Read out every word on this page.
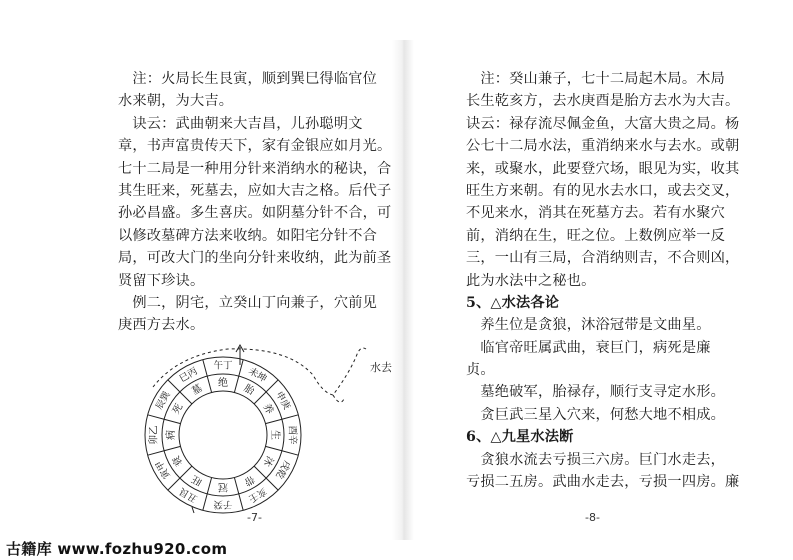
　注：火局长生艮寅，顺到巽巳得临官位
水来朝，为大吉。
　诀云：武曲朝来大吉昌，儿孙聪明文
章，书声富贵传天下，家有金银应如月光。
七十二局是一种用分针来消纳水的秘诀，合
其生旺来，死墓去，应如大吉之格。后代子
孙必昌盛。多生喜庆。如阴墓分针不合，可
以修改墓碑方法来收纳。如阳宅分针不合
局，可改大门的坐向分针来收纳，此为前圣
贤留下珍诀。
　例二，阴宅，立癸山丁向兼子，穴前见
庚西方去水。
子癸
丑艮
寅甲
卯乙
辰巽
巳丙 午丁 未坤
申庚
酉辛
戌乾
亥壬
冠
旺
衰
病
死
墓 绝 胎
养
生
沐
带
水去
-7-
　注：癸山兼子，七十二局起木局。木局
长生乾亥方，去水庚酉是胎方去水为大吉。
诀云：禄存流尽佩金鱼，大富大贵之局。杨
公七十二局水法，重消纳来水与去水。或朝
来，或聚水，此要登穴场，眼见为实，收其
旺生方来朝。有的见水去水口，或去交叉，
不见来水，消其在死墓方去。若有水聚穴
前，消纳在生，旺之位。上数例应举一反
三，一山有三局，合消纳则吉，不合则凶，
此为水法中之秘也。
5、△水法各论
　养生位是贪狼，沐浴冠带是文曲星。
　临官帝旺属武曲，衰巨门，病死是廉
贞。
　墓绝破军，胎禄存，顺行支寻定水形。
　贪巨武三星入穴来，何愁大地不相成。
6、△九星水法断
　贪狼水流去亏损三六房。巨门水走去，
亏损二五房。武曲水走去，亏损一四房。廉
-8-
古籍库 www.fozhu920.com
